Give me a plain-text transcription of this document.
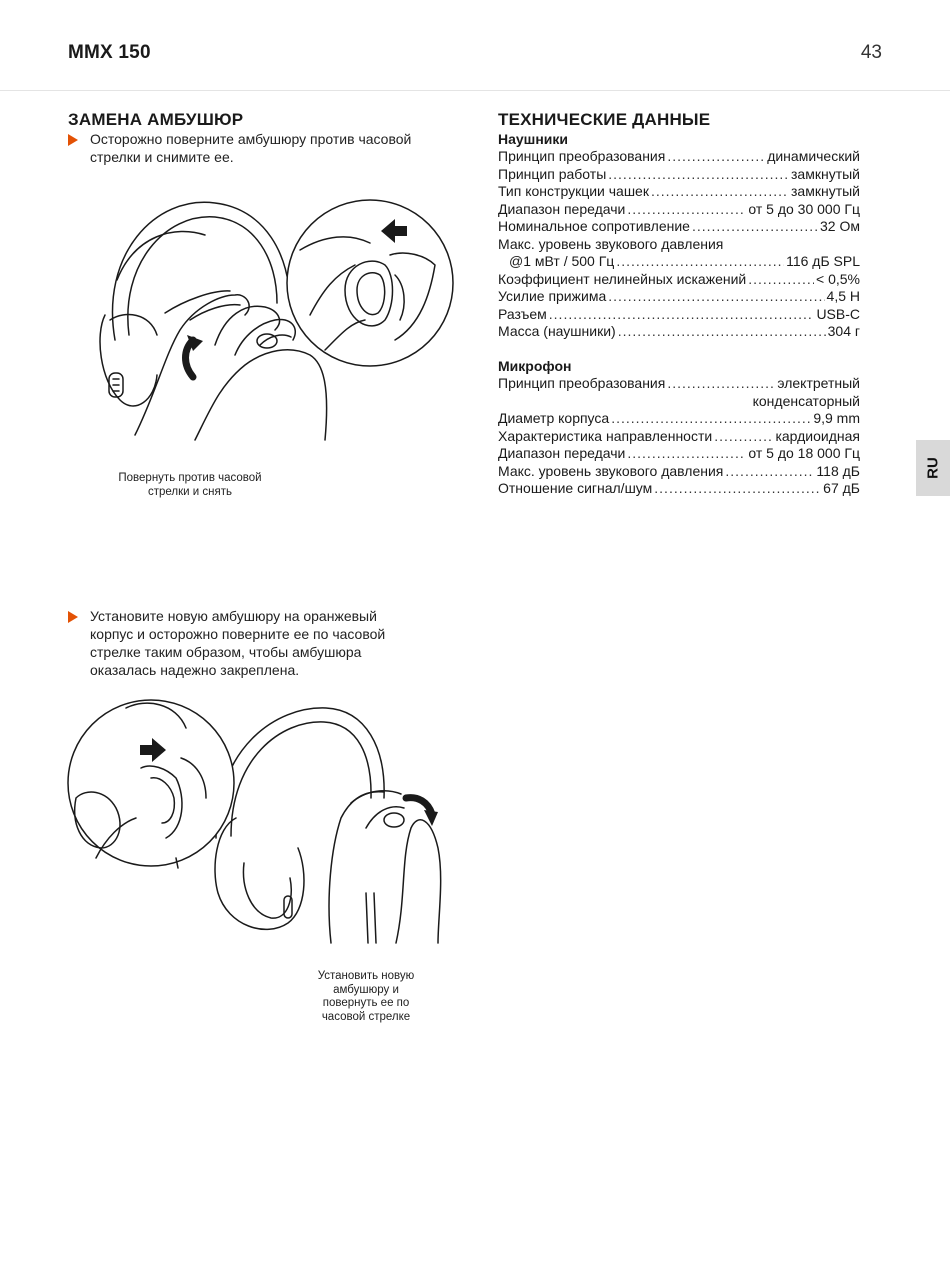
MMX 150	43
ЗАМЕНА АМБУШЮР
Осторожно поверните амбушюру против часовой
стрелки и снимите ее.
Повернуть против часовой
стрелки и снять
Установите новую амбушюру на оранжевый
корпус и осторожно поверните ее по часовой
стрелке таким образом, чтобы амбушюра
оказалась надежно закреплена.
Установить новую
амбушюру и
повернуть ее по
часовой стрелке
ТЕХНИЧЕСКИЕ ДАННЫЕ
Наушники
Принцип преобразования .....	динамический
Принцип работы .....	замкнутый
Тип конструкции чашек .....	замкнутый
Диапазон передачи .....	от 5 до 30 000 Гц
Номинальное сопротивление .....	32 Ом
Макс. уровень звукового давления
@1 мВт / 500 Гц .....	116 дБ SPL
Коэффициент нелинейных искажений .....	< 0,5%
Усилие прижима .....	4,5 Н
Разъем .....	USB-C
Масса (наушники) .....	304 г
Микрофон
Принцип преобразования .....	электретный
конденсаторный
Диаметр корпуса .....	9,9 mm
Характеристика направленности .....	кардиоидная
Диапазон передачи .....	от 5 до 18 000 Гц
Макс. уровень звукового давления .....	118 дБ
Отношение сигнал/шум .....	67 дБ
RU
